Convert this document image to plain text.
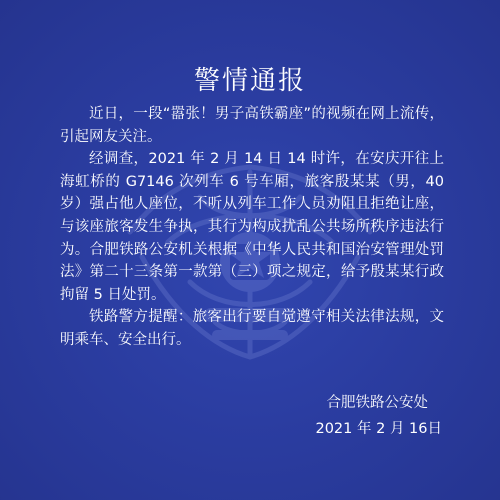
警情通报

近日，一段“嚣张！男子高铁霸座”的视频在网上流传，引起网友关注。

经调查，2021 年 2 月 14 日 14 时许，在安庆开往上海虹桥的 G7146 次列车 6 号车厢，旅客殷某某（男，40 岁）强占他人座位，不听从列车工作人员劝阻且拒绝让座，与该座旅客发生争执，其行为构成扰乱公共场所秩序违法行为。合肥铁路公安机关根据《中华人民共和国治安管理处罚法》第二十三条第一款第（三）项之规定，给予殷某某行政拘留 5 日处罚。

铁路警方提醒：旅客出行要自觉遵守相关法律法规，文明乘车、安全出行。

合肥铁路公安处
2021 年 2 月 16日
